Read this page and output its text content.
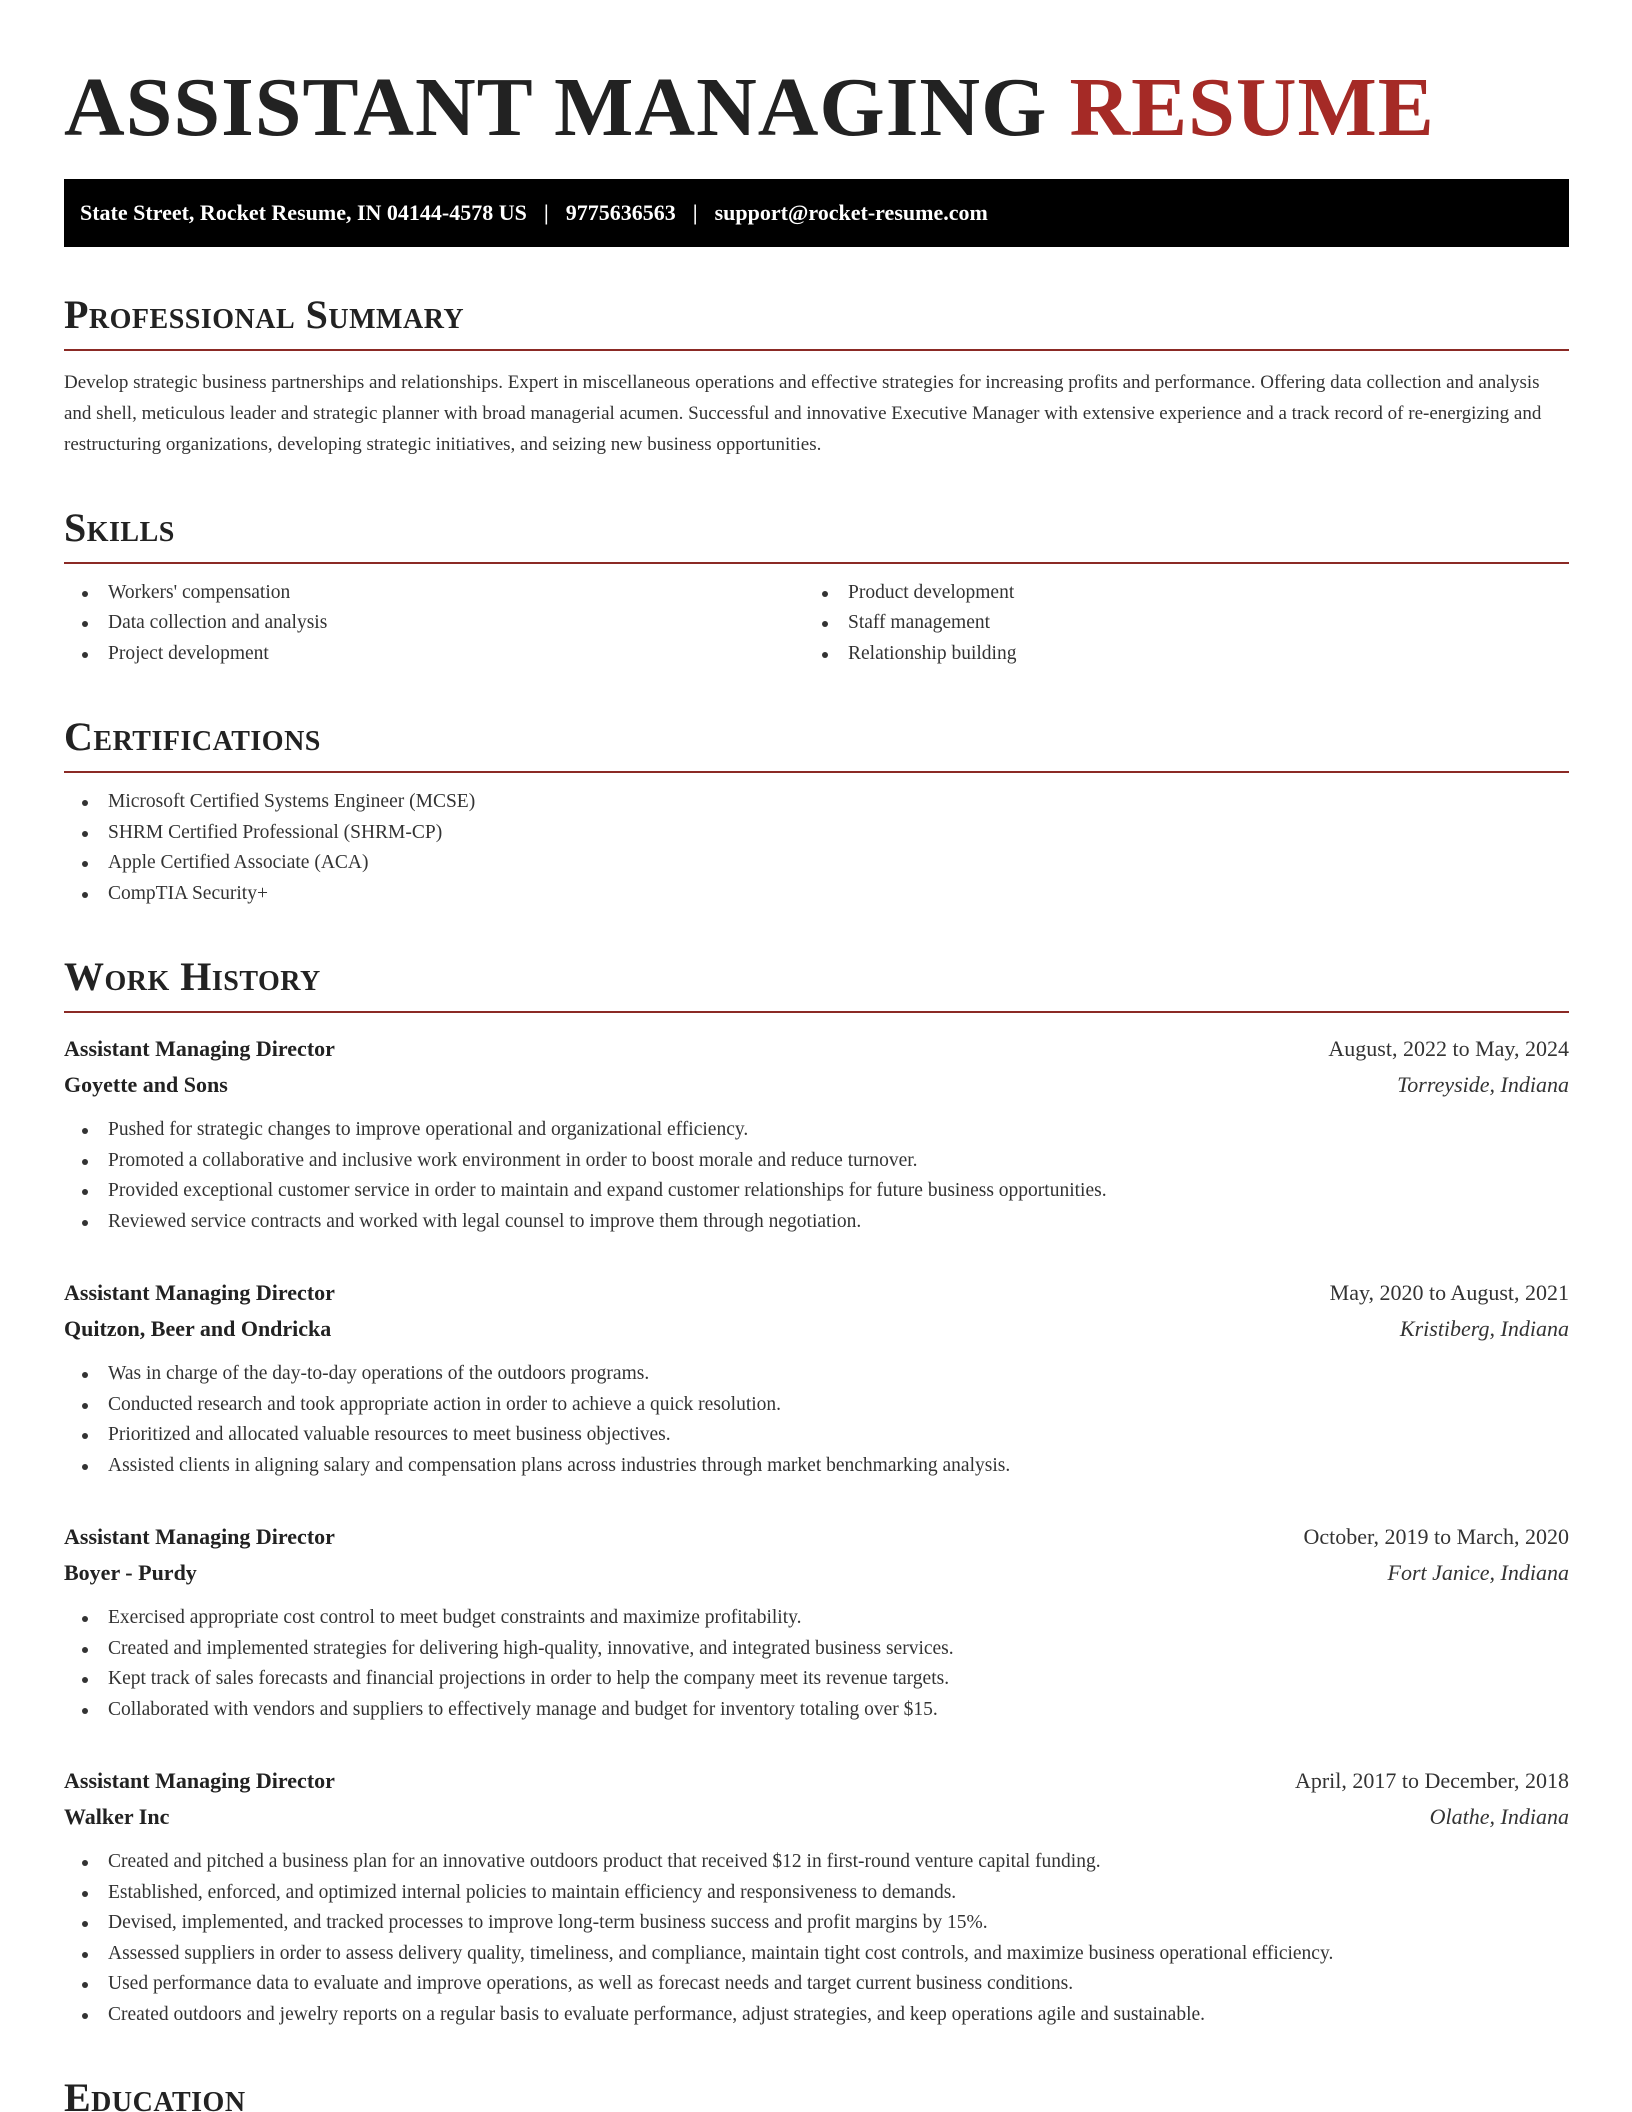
ASSISTANT MANAGING RESUME
State Street, Rocket Resume, IN 04144-4578 US | 9775636563 | support@rocket-resume.com
Professional Summary

Develop strategic business partnerships and relationships. Expert in miscellaneous operations and effective strategies for increasing profits and performance. Offering data collection and analysis and shell, meticulous leader and strategic planner with broad managerial acumen. Successful and innovative Executive Manager with extensive experience and a track record of re-energizing and restructuring organizations, developing strategic initiatives, and seizing new business opportunities.

Skills
Workers' compensation
Data collection and analysis
Project development
Product development
Staff management
Relationship building
Certifications
Microsoft Certified Systems Engineer (MCSE)
SHRM Certified Professional (SHRM-CP)
Apple Certified Associate (ACA)
CompTIA Security+
Work History
Assistant Managing Director	August, 2022 to May, 2024
Goyette and Sons	Torreyside, Indiana
Pushed for strategic changes to improve operational and organizational efficiency.
Promoted a collaborative and inclusive work environment in order to boost morale and reduce turnover.
Provided exceptional customer service in order to maintain and expand customer relationships for future business opportunities.
Reviewed service contracts and worked with legal counsel to improve them through negotiation.
Assistant Managing Director	May, 2020 to August, 2021
Quitzon, Beer and Ondricka	Kristiberg, Indiana
Was in charge of the day-to-day operations of the outdoors programs.
Conducted research and took appropriate action in order to achieve a quick resolution.
Prioritized and allocated valuable resources to meet business objectives.
Assisted clients in aligning salary and compensation plans across industries through market benchmarking analysis.
Assistant Managing Director	October, 2019 to March, 2020
Boyer - Purdy	Fort Janice, Indiana
Exercised appropriate cost control to meet budget constraints and maximize profitability.
Created and implemented strategies for delivering high-quality, innovative, and integrated business services.
Kept track of sales forecasts and financial projections in order to help the company meet its revenue targets.
Collaborated with vendors and suppliers to effectively manage and budget for inventory totaling over $15.
Assistant Managing Director	April, 2017 to December, 2018
Walker Inc	Olathe, Indiana
Created and pitched a business plan for an innovative outdoors product that received $12 in first-round venture capital funding.
Established, enforced, and optimized internal policies to maintain efficiency and responsiveness to demands.
Devised, implemented, and tracked processes to improve long-term business success and profit margins by 15%.
Assessed suppliers in order to assess delivery quality, timeliness, and compliance, maintain tight cost controls, and maximize business operational efficiency.
Used performance data to evaluate and improve operations, as well as forecast needs and target current business conditions.
Created outdoors and jewelry reports on a regular basis to evaluate performance, adjust strategies, and keep operations agile and sustainable.
Education
